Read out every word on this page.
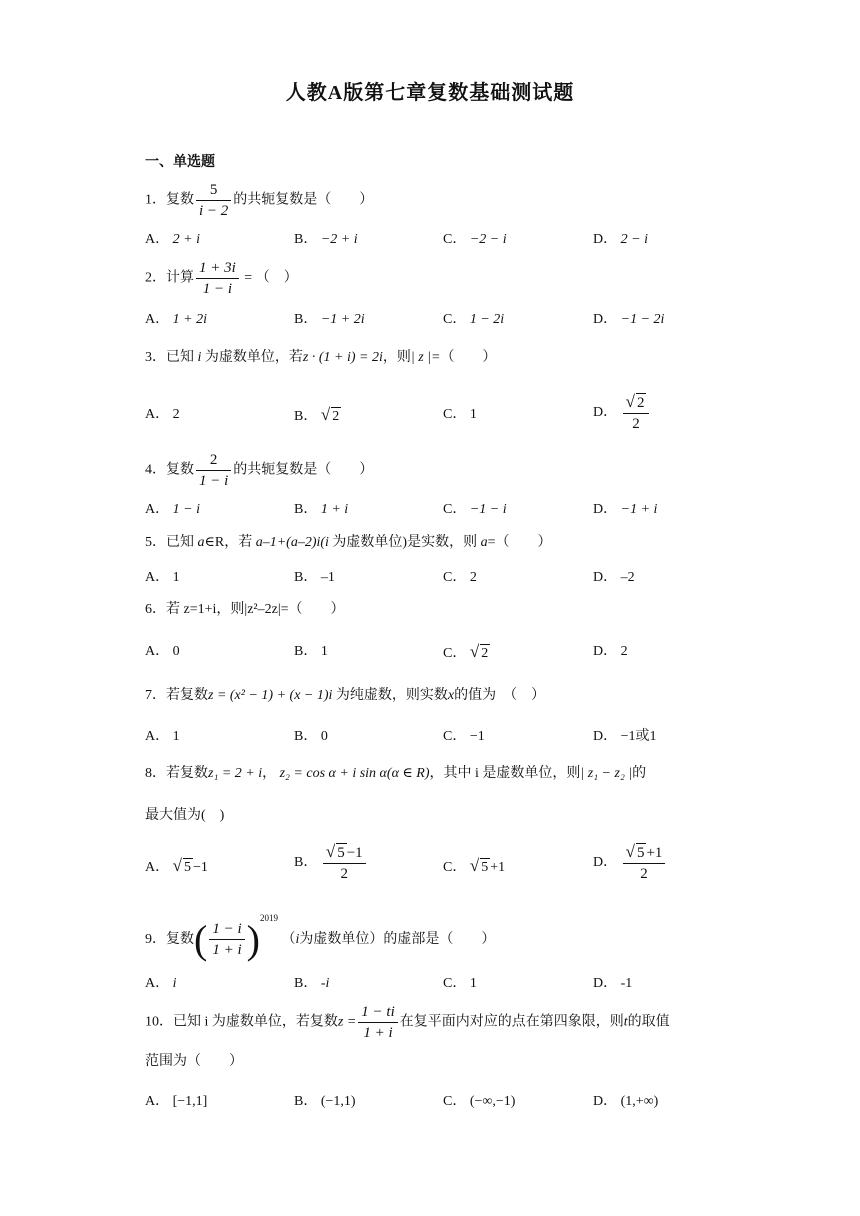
人教A版第七章复数基础测试题
一、单选题
1．复数 $\frac{5}{i - 2}$ 的共轭复数是（　　）
A． 2 + i	B． −2 + i	C． −2 − i	D． 2 − i
2．计算 $\frac{1 + 3i}{1 - i}$ = （　）
A． 1 + 2i	B． −1 + 2i	C． 1 − 2i	D． −1 − 2i
3．已知 i 为虚数单位，若z · (1 + i) = 2i，则| z |=（　　）
A． 2	B． √ 2	C． 1	D． $\frac{√ 2}{2}$
4．复数 $\frac{2}{1 - i}$ 的共轭复数是（　　）
A． 1 − i	B． 1 + i	C． −1 − i	D． −1 + i
5．已知 a∈R，若 a–1+(a–2)i(i 为虚数单位)是实数，则 a=（　　）
A． 1	B． –1	C． 2	D． –2
6．若 z=1+i，则|z²–2z|=（　　）
A． 0	B． 1	C． √ 2	D． 2
7．若复数z = (x² − 1) + (x − 1)i 为纯虚数，则实数x的值为　（　）
A． 1	B． 0	C． −1	D． −1或1
8．若复数z₁ = 2 + i， z₂ = cos α + i sin α(α ∈ R)，其中 i 是虚数单位，则| z₁ − z₂ |的
最大值为(　)
A． √ 5 −1	B． $\frac{√ 5 -1}{2}$	C． √ 5 +1	D． $\frac{√ 5 +1}{2}$
9．复数( $\frac{1 - i}{1 + i} )^{2019}$ （i为虚数单位）的虚部是（　　）
A． i	B． -i	C． 1	D． -1
10．已知 i 为虚数单位，若复数$z = \frac{1 - ti}{1 + i}$ 在复平面内对应的点在第四象限，则t的取值
范围为（　　）
A． [−1,1]	B． (−1,1)	C． (−∞,−1)	D． (1,+∞)
